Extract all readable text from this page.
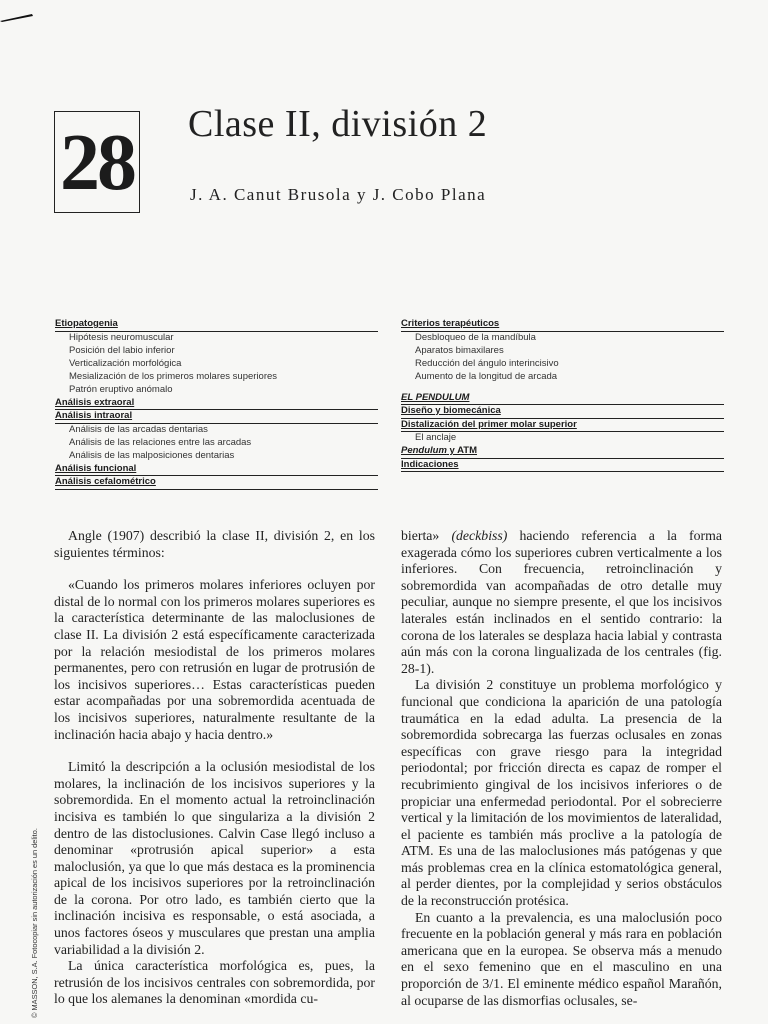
28 Clase II, división 2
J. A. Canut Brusola y J. Cobo Plana
Etiopatogenia
Hipótesis neuromuscular
Posición del labio inferior
Verticalización morfológica
Mesialización de los primeros molares superiores
Patrón eruptivo anómalo
Análisis extraoral
Análisis intraoral
Análisis de las arcadas dentarias
Análisis de las relaciones entre las arcadas
Análisis de las malposiciones dentarias
Análisis funcional
Análisis cefalométrico
Criterios terapéuticos
Desbloqueo de la mandíbula
Aparatos bimaxilares
Reducción del ángulo interincisivo
Aumento de la longitud de arcada
EL PENDULUM
Diseño y biomecánica
Distalización del primer molar superior
El anclaje
Pendulum y ATM
Indicaciones

Angle (1907) describió la clase II, división 2, en los siguientes términos:

«Cuando los primeros molares inferiores ocluyen por distal de lo normal con los primeros molares superiores es la característica determinante de las maloclusiones de clase II. La división 2 está específicamente caracterizada por la relación mesiodistal de los primeros molares permanentes, pero con retrusión en lugar de protrusión de los incisivos superiores… Estas características pueden estar acompañadas por una sobremordida acentuada de los incisivos superiores, naturalmente resultante de la inclinación hacia abajo y hacia dentro.»

Limitó la descripción a la oclusión mesiodistal de los molares, la inclinación de los incisivos superiores y la sobremordida. En el momento actual la retroinclinación incisiva es también lo que singulariza a la división 2 dentro de las distoclusiones. Calvin Case llegó incluso a denominar «protrusión apical superior» a esta maloclusión, ya que lo que más destaca es la prominencia apical de los incisivos superiores por la retroinclinación de la corona. Por otro lado, es también cierto que la inclinación incisiva es responsable, o está asociada, a unos factores óseos y musculares que prestan una amplia variabilidad a la división 2.

La única característica morfológica es, pues, la retrusión de los incisivos centrales con sobremordida, por lo que los alemanes la denominan «mordida cu-

bierta» (deckbiss) haciendo referencia a la forma exagerada cómo los superiores cubren verticalmente a los inferiores. Con frecuencia, retroinclinación y sobremordida van acompañadas de otro detalle muy peculiar, aunque no siempre presente, el que los incisivos laterales están inclinados en el sentido contrario: la corona de los laterales se desplaza hacia labial y contrasta aún más con la corona lingualizada de los centrales (fig. 28-1).

La división 2 constituye un problema morfológico y funcional que condiciona la aparición de una patología traumática en la edad adulta. La presencia de la sobremordida sobrecarga las fuerzas oclusales en zonas específicas con grave riesgo para la integridad periodontal; por fricción directa es capaz de romper el recubrimiento gingival de los incisivos inferiores o de propiciar una enfermedad periodontal. Por el sobrecierre vertical y la limitación de los movimientos de lateralidad, el paciente es también más proclive a la patología de ATM. Es una de las maloclusiones más patógenas y que más problemas crea en la clínica estomatológica general, al perder dientes, por la complejidad y serios obstáculos de la reconstrucción protésica.

En cuanto a la prevalencia, es una maloclusión poco frecuente en la población general y más rara en población americana que en la europea. Se observa más a menudo en el sexo femenino que en el masculino en una proporción de 3/1. El eminente médico español Marañón, al ocuparse de las dismorfias oclusales, se-

© MASSON, S.A. Fotocopiar sin autorización es un delito.
